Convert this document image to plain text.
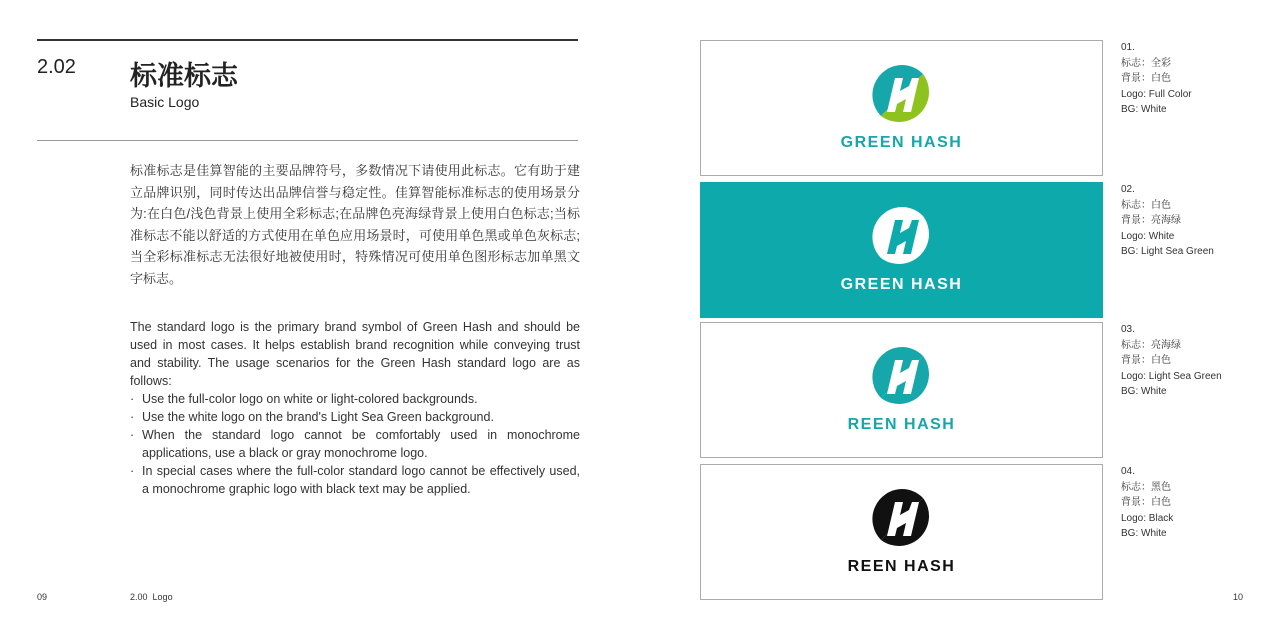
2.02 标准标志
Basic Logo
标准标志是佳算智能的主要品牌符号，多数情况下请使用此标志。它有助于建立品牌识别，同时传达出品牌信誉与稳定性。佳算智能标准标志的使用场景分为:在白色/浅色背景上使用全彩标志;在品牌色亮海绿背景上使用白色标志;当标准标志不能以舒适的方式使用在单色应用场景时，可使用单色黑或单色灰标志;当全彩标准标志无法很好地被使用时，特殊情况可使用单色图形标志加单黑文字标志。

The standard logo is the primary brand symbol of Green Hash and should be used in most cases. It helps establish brand recognition while conveying trust and stability. The usage scenarios for the Green Hash standard logo are as follows:

· Use the full-color logo on white or light-colored backgrounds.
· Use the white logo on the brand's Light Sea Green background.
· When the standard logo cannot be comfortably used in monochrome applications, use a black or gray monochrome logo.
· In special cases where the full-color standard logo cannot be effectively used, a monochrome graphic logo with black text may be applied.
09	2.00 Logo	10
GREEN HASH
01.
标志：全彩
背景：白色
Logo: Full Color
BG: White
GREEN HASH
02.
标志：白色
背景：亮海绿
Logo: White
BG: Light Sea Green
REEN HASH
03.
标志：亮海绿
背景：白色
Logo: Light Sea Green
BG: White
REEN HASH
04.
标志：黑色
背景：白色
Logo: Black
BG: White
